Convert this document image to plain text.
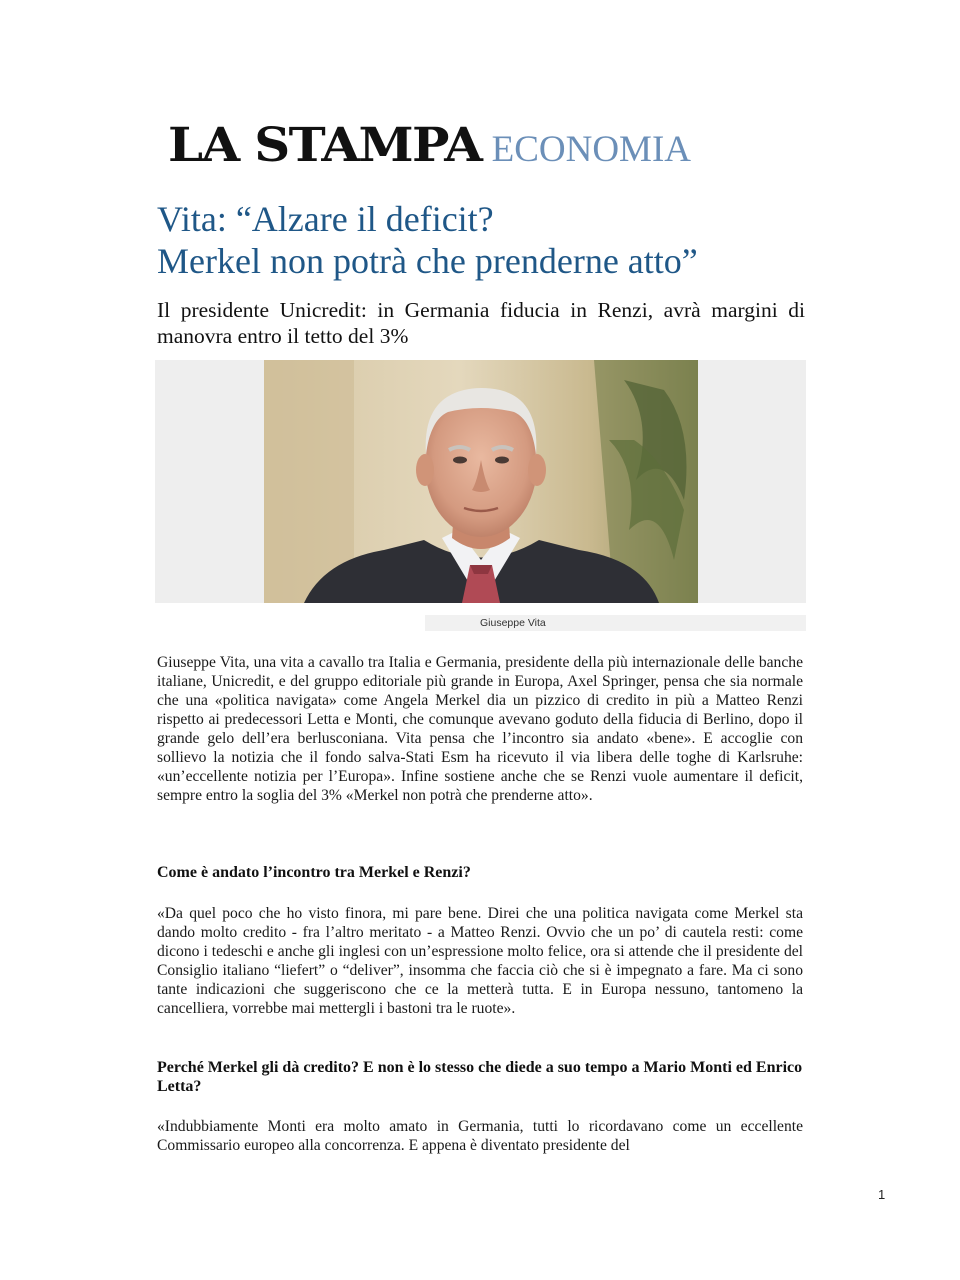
LA STAMPA ECONOMIA
Vita: “Alzare il deficit?
Merkel non potrà che prenderne atto”
Il presidente Unicredit: in Germania fiducia in Renzi, avrà margini di manovra entro il tetto del 3%
Giuseppe Vita
Giuseppe Vita, una vita a cavallo tra Italia e Germania, presidente della più internazionale delle banche italiane, Unicredit, e del gruppo editoriale più grande in Europa, Axel Springer, pensa che sia normale che una «politica navigata» come Angela Merkel dia un pizzico di credito in più a Matteo Renzi rispetto ai predecessori Letta e Monti, che comunque avevano goduto della fiducia di Berlino, dopo il grande gelo dell’era berlusconiana. Vita pensa che l’incontro sia andato «bene». E accoglie con sollievo la notizia che il fondo salva-Stati Esm ha ricevuto il via libera delle toghe di Karlsruhe: «un’eccellente notizia per l’Europa». Infine sostiene anche che se Renzi vuole aumentare il deficit, sempre entro la soglia del 3% «Merkel non potrà che prenderne atto».
Come è andato l’incontro tra Merkel e Renzi?
«Da quel poco che ho visto finora, mi pare bene. Direi che una politica navigata come Merkel sta dando molto credito - fra l’altro meritato - a Matteo Renzi. Ovvio che un po’ di cautela resti: come dicono i tedeschi e anche gli inglesi con un’espressione molto felice, ora si attende che il presidente del Consiglio italiano “liefert” o “deliver”, insomma che faccia ciò che si è impegnato a fare. Ma ci sono tante indicazioni che suggeriscono che ce la metterà tutta. E in Europa nessuno, tantomeno la cancelliera, vorrebbe mai mettergli i bastoni tra le ruote».
Perché Merkel gli dà credito? E non è lo stesso che diede a suo tempo a Mario Monti ed Enrico Letta?
«Indubbiamente Monti era molto amato in Germania, tutti lo ricordavano come un eccellente Commissario europeo alla concorrenza. E appena è diventato presidente del
1
